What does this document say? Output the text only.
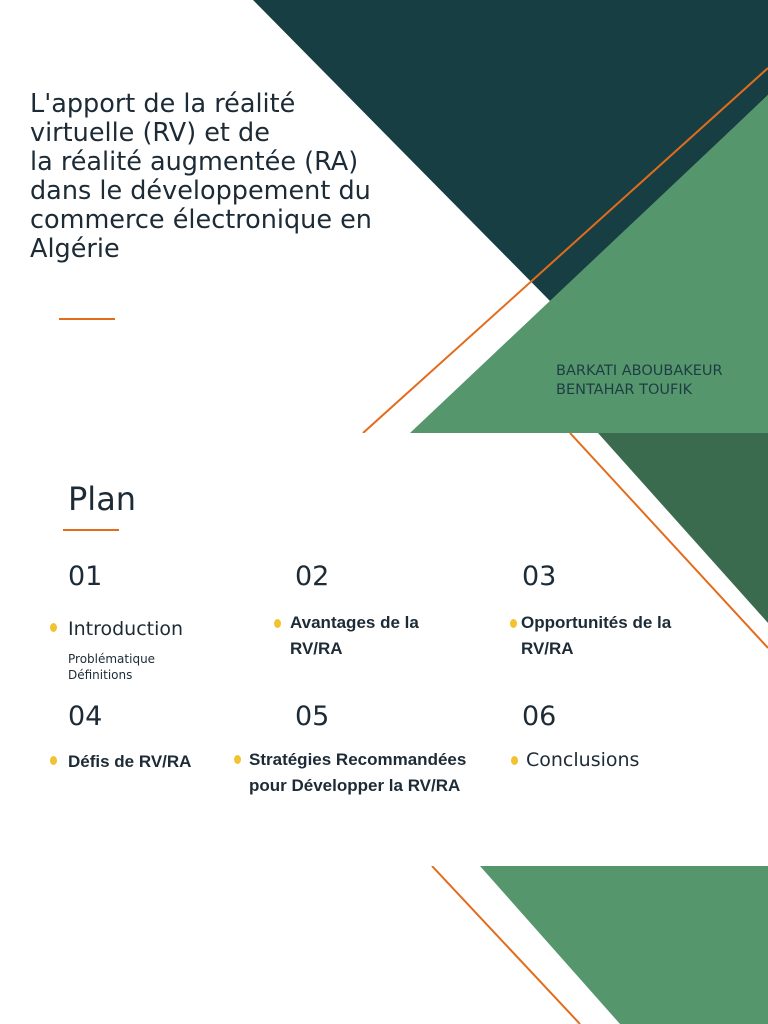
L'apport de la réalité
virtuelle (RV) et de
la réalité augmentée (RA)
dans le développement du
commerce électronique en
Algérie
BARKATI ABOUBAKEUR
BENTAHAR TOUFIK
Plan
01
Introduction
Problématique
Définitions
02
Avantages de la RV/RA
03
Opportunités de la RV/RA
04
Défis de RV/RA
05
Stratégies Recommandées pour Développer la RV/RA
06
Conclusions
